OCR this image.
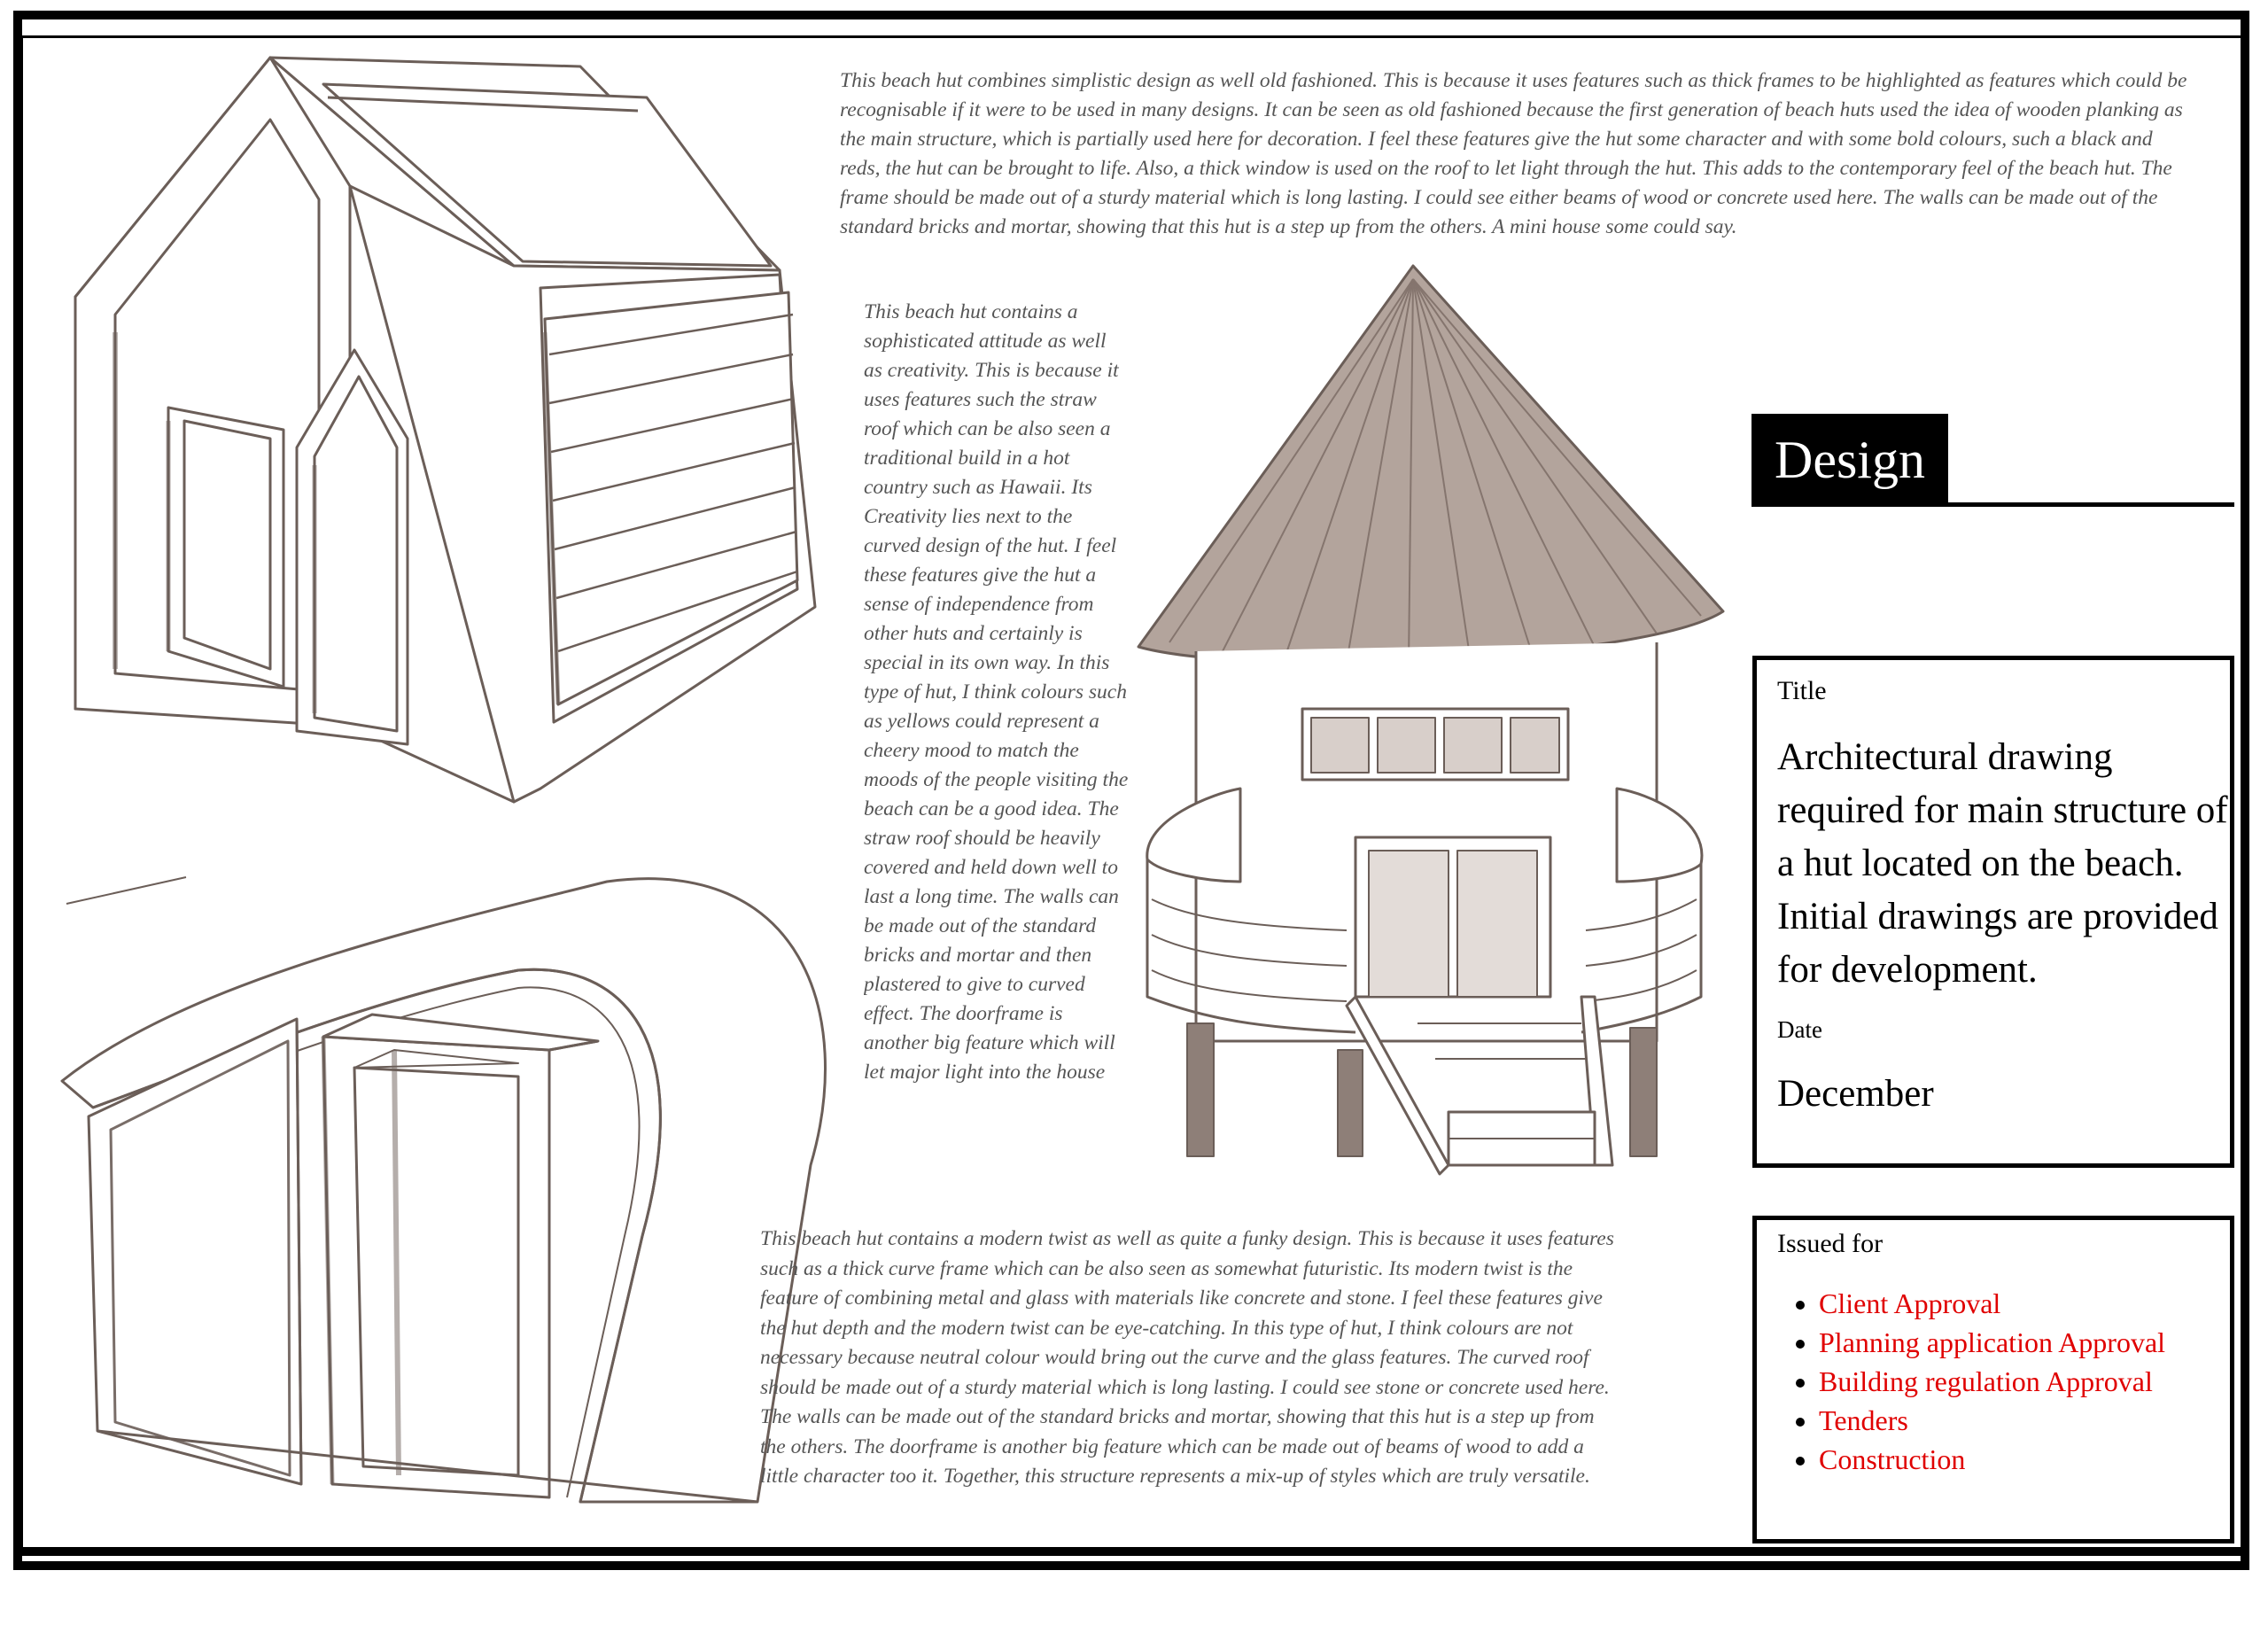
This beach hut combines simplistic design as well old fashioned. This is because it uses features such as thick frames to be highlighted as features which could be recognisable if it were to be used in many designs. It can be seen as old fashioned because the first generation of beach huts used the idea of wooden planking as the main structure, which is partially used here for decoration. I feel these features give the hut some character and with some bold colours, such a black and reds, the hut can be brought to life. Also, a thick window is used on the roof to let light through the hut. This adds to the contemporary feel of the beach hut. The frame should be made out of a sturdy material which is long lasting. I could see either beams of wood or concrete used here. The walls can be made out of the standard bricks and mortar, showing that this hut is a step up from the others. A mini house some could say.
This beach hut contains a sophisticated attitude as well as creativity. This is because it uses features such the straw roof which can be also seen a traditional build in a hot country such as Hawaii. Its Creativity lies next to the curved design of the hut. I feel these features give the hut a sense of independence from other huts and certainly is special in its own way. In this type of hut, I think colours such as yellows could represent a cheery mood to match the moods of the people visiting the beach can be a good idea. The straw roof should be heavily covered and held down well to last a long time. The walls can be made out of the standard bricks and mortar and then plastered to give to curved effect. The doorframe is another big feature which will let major light into the house
This beach hut contains a modern twist as well as quite a funky design. This is because it uses features such as a thick curve frame which can be also seen as somewhat futuristic. Its modern twist is the feature of combining metal and glass with materials like concrete and stone. I feel these features give the hut depth and the modern twist can be eye-catching. In this type of hut, I think colours are not necessary because neutral colour would bring out the curve and the glass features. The curved roof should be made out of a sturdy material which is long lasting. I could see stone or concrete used here. The walls can be made out of the standard bricks and mortar, showing that this hut is a step up from the others. The doorframe is another big feature which can be made out of beams of wood to add a little character too it. Together, this structure represents a mix-up of styles which are truly versatile.
Design
Title
Architectural drawing required for main structure of a hut located on the beach. Initial drawings are provided for development.
Date
December
Issued for
• Client Approval
• Planning application Approval
• Building regulation Approval
• Tenders
• Construction
